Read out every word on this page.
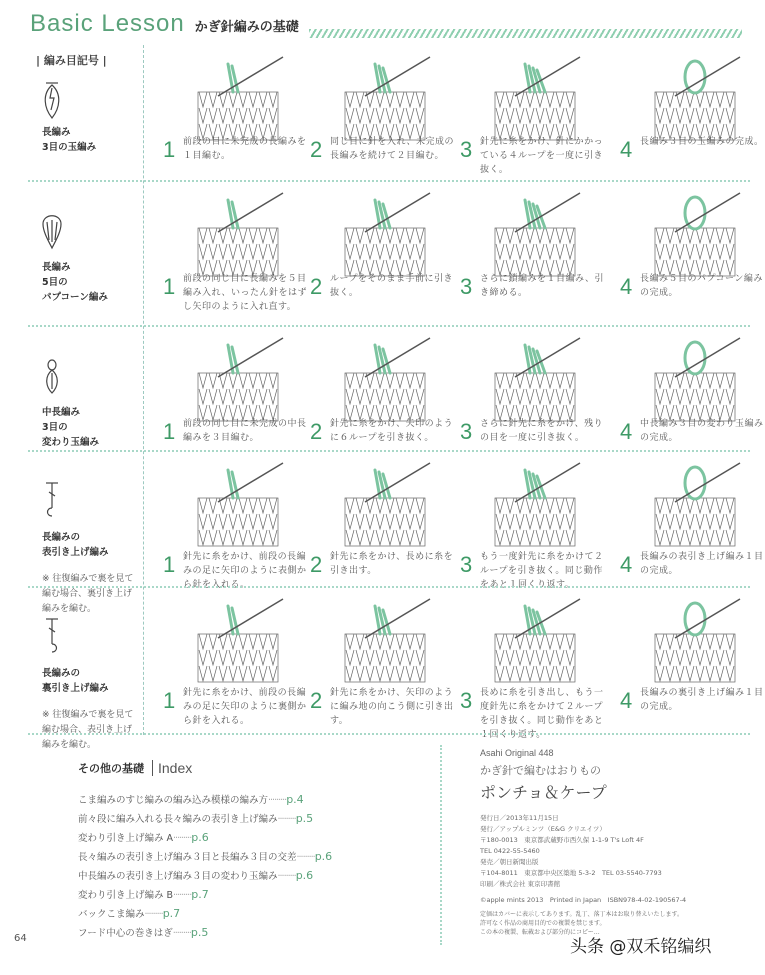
Basic Lesson かぎ針編みの基礎
| 編み目記号 |
長編み
3目の玉編み	1 前段の目に未完成の長編みを１目編む。	2 同じ目に針を入れ、未完成の長編みを続けて２目編む。 3 針先に糸をかけ、針にかかっている４ループを一度に引き抜く。
4 長編み３目の玉編みの完成。
長編み
5目の
パプコーン編み	1 前段の同じ目に長編みを５目編み入れ、いったん針をはずし矢印のように入れ直す。
2 ループをそのまま手前に引き抜く。	3 さらに鎖編みを１目編み、引き締める。	4 長編み５目のパプコーン編みの完成。
中長編み
3目の
変わり玉編み	1 前段の同じ目に未完成の中長編みを３目編む。	2 針先に糸をかけ、矢印のように６ループを引き抜く。	3 さらに針先に糸をかけ、残りの目を一度に引き抜く。	4 中長編み３目の変わり玉編みの完成。
長編みの
表引き上げ編み
※ 往復編みで裏を見て編む場合、裏引き上げ編みを編む。
1 針先に糸をかけ、前段の長編みの足に矢印のように表側から針を入れる。
2 針先に糸をかけ、長めに糸を引き出す。	3 もう一度針先に糸をかけて２ループを引き抜く。同じ動作をあと１回くり返す。
4 長編みの表引き上げ編み１目の完成。
長編みの
裏引き上げ編み
※ 往復編みで裏を見て編む場合、表引き上げ編みを編む。
1 針先に糸をかけ、前段の長編みの足に矢印のように裏側から針を入れる。
2 針先に糸をかけ、矢印のように編み地の向こう側に引き出す。
3 長めに糸を引き出し、もう一度針先に糸をかけて２ループを引き抜く。同じ動作をあと１回くり返す。
4 長編みの裏引き上げ編み１目の完成。
その他の基礎	Index
こま編みのすじ編みの編み込み模様の編み方·········p.4
前々段に編み入れる長々編みの表引き上げ編み·········p.5
変わり引き上げ編み A·········p.6
長々編みの表引き上げ編み３目と長編み３目の交差·········p.6
中長編みの表引き上げ編み３目の変わり玉編み·········p.6
変わり引き上げ編み B·········p.7
バックこま編み·········p.7
フード中心の巻きはぎ·········p.5
Asahi Original 448
かぎ針で編むはおりもの
ポンチョ＆ケープ
発行日／2013年11月15日
発行／アップルミンツ（E&G クリエイツ）
〒180-0013　東京都武蔵野市西久保 1-1-9 T's Loft 4F
TEL 0422-55-5460
発売／朝日新聞出版
〒104-8011　東京都中央区築地 5-3-2　TEL 03-5540-7793
印刷／株式会社 東京印書館
©apple mints 2013　Printed in Japan　ISBN978-4-02-190567-4
定価はカバーに表示してあります。乱丁、落丁本はお取り替えいたします。
許可なく作品の商用目的での複製を禁じます。
この本の複製、転載および部分的にコピー…
64	头条 @双禾铭编织
